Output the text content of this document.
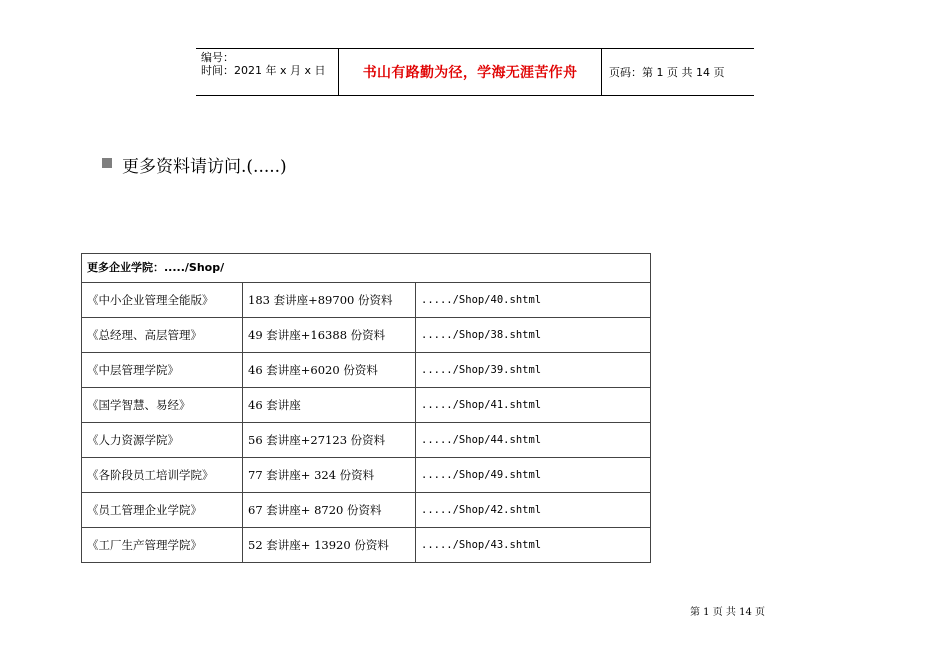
编号：
时间：2021 年 x 月 x 日	书山有路勤为径，学海无涯苦作舟	页码：第 1 页 共 14 页
更多资料请访问.(.....)
更多企业学院：...../Shop/		
《中小企业管理全能版》	183 套讲座+89700 份资料	...../Shop/40.shtml
《总经理、高层管理》	49 套讲座+16388 份资料	...../Shop/38.shtml
《中层管理学院》	46 套讲座+6020 份资料	...../Shop/39.shtml
《国学智慧、易经》	46 套讲座	...../Shop/41.shtml
《人力资源学院》	56 套讲座+27123 份资料	...../Shop/44.shtml
《各阶段员工培训学院》	77 套讲座+ 324 份资料	...../Shop/49.shtml
《员工管理企业学院》	67 套讲座+ 8720 份资料	...../Shop/42.shtml
《工厂生产管理学院》	52 套讲座+ 13920 份资料	...../Shop/43.shtml
第 1 页 共 14 页
